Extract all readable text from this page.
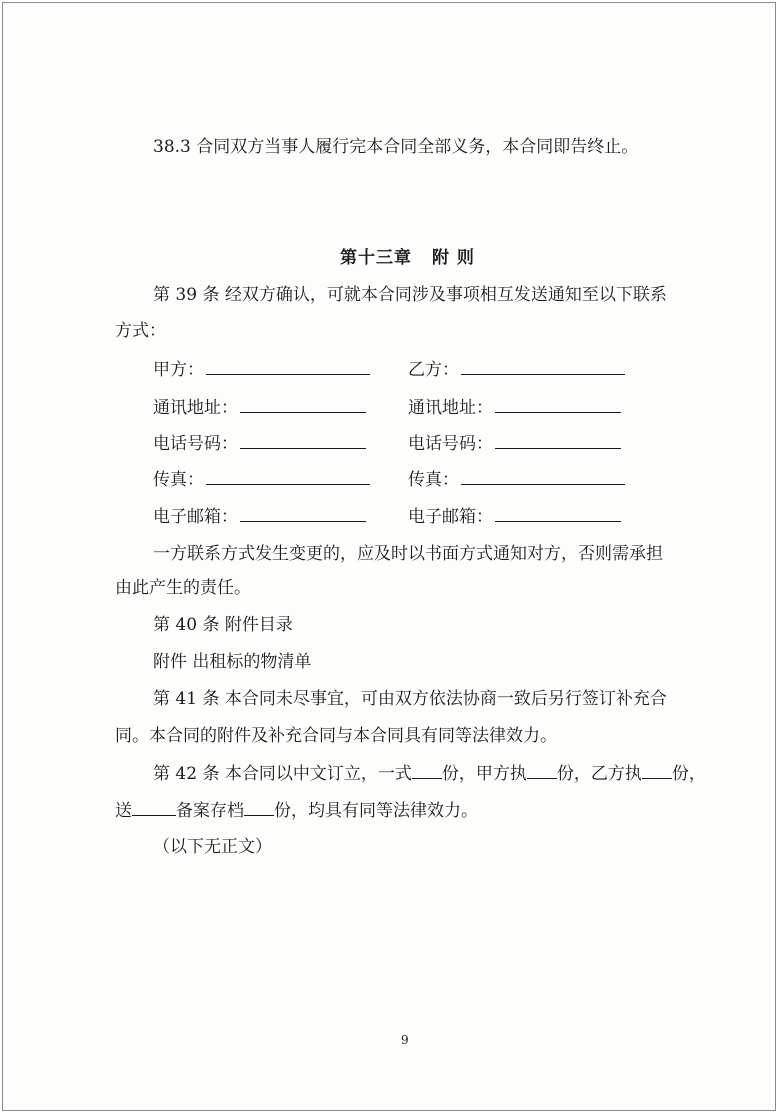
38.3 合同双方当事人履行完本合同全部义务，本合同即告终止。
第十三章 附 则
第 39 条 经双方确认，可就本合同涉及事项相互发送通知至以下联系
方式：
甲方：	乙方：
通讯地址：	通讯地址：
电话号码：	电话号码：
传真：	传真：
电子邮箱：	电子邮箱：
一方联系方式发生变更的，应及时以书面方式通知对方，否则需承担
由此产生的责任。
第 40 条 附件目录
附件 出租标的物清单
第 41 条 本合同未尽事宜，可由双方依法协商一致后另行签订补充合
同。本合同的附件及补充合同与本合同具有同等法律效力。
第 42 条 本合同以中文订立，一式 份，甲方执 份，乙方执 份，
送	备案存档 份，均具有同等法律效力。
（以下无正文）
9
